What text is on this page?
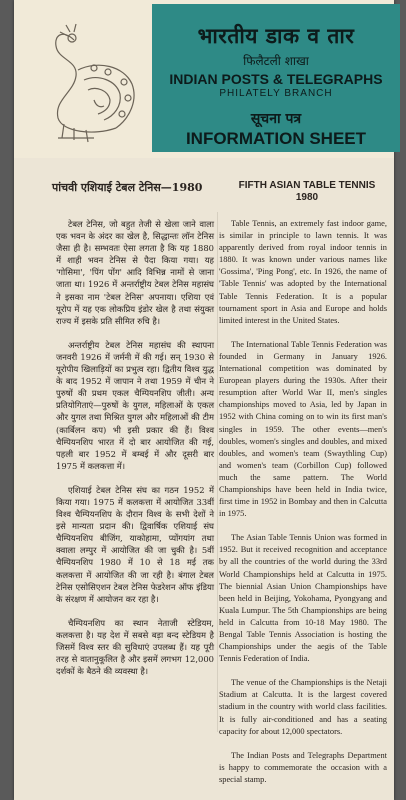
भारतीय डाक व तार
फिलैटली शाखा
INDIAN POSTS & TELEGRAPHS
PHILATELY BRANCH
सूचना पत्र
INFORMATION SHEET
पांचवी एशियाई टेबल टेनिस—1980	FIFTH ASIAN TABLE TENNIS
1980

टेबल टेनिस, जो बहुत तेजी से खेला जाने वाला एक भवन के अंदर का खेल है, सिद्धान्तः लॉन टेनिस जैसा ही है। सम्भवतः ऐसा लगता है कि यह 1880 में शाही भवन टेनिस से पैदा किया गया। यह 'गोसिमा', 'पिंग पोंग' आदि विभिन्न नामों से जाना जाता था। 1926 में अन्तर्राष्ट्रीय टेबल टेनिस महासंघ ने इसका नाम 'टेबल टेनिस' अपनाया। एशिया एवं यूरोप में यह एक लोकप्रिय इंडोर खेल है तथा संयुक्त राज्य में इसके प्रति सीमित रुचि है।

अन्तर्राष्ट्रीय टेबल टेनिस महासंघ की स्थापना जनवरी 1926 में जर्मनी में की गई। सन् 1930 से यूरोपीय खिलाड़ियों का प्रभुत्व रहा। द्वितीय विश्व युद्ध के बाद 1952 में जापान ने तथा 1959 में चीन ने पुरुषों की प्रथम एकल चैम्पियनशिप जीती। अन्य प्रतियोगिताएं—पुरुषों के युगल, महिलाओं के एकल और युगल तथा मिश्रित युगल और महिलाओं की टीम (कार्बिलन कप) भी इसी प्रकार की हैं। विश्व चैम्पियनशिप भारत में दो बार आयोजित की गई, पहली बार 1952 में बम्बई में और दूसरी बार 1975 में कलकत्ता में।

एशियाई टेबल टेनिस संघ का गठन 1952 में किया गया। 1975 में कलकत्ता में आयोजित 33वीं विश्व चैम्पियनशिप के दौरान विश्व के सभी देशों ने इसे मान्यता प्रदान की। द्विवार्षिक एशियाई संघ चैम्पियनशिप बीजिंग, याकोहामा, प्योंगयांग तथा क्वाला लम्पुर में आयोजित की जा चुकी है। 5वीं चैम्पियनशिप 1980 में 10 से 18 मई तक कलकत्ता में आयोजित की जा रही है। बंगाल टेबल टेनिस एसोसिएशन टेबल टेनिस फेडरेशन ऑफ इंडिया के संरक्षण में आयोजन कर रहा है।

चैम्पियनशिप का स्थान नेताजी स्टेडियम, कलकत्ता है। यह देश में सबसे बड़ा बन्द स्टेडियम है जिसमें विश्व स्तर की सुविधाएं उपलब्ध हैं। यह पूरी तरह से वातानुकूलित है और इसमें लगभग 12,000 दर्शकों के बैठने की व्यवस्था है।

Table Tennis, an extremely fast indoor game, is similar in principle to lawn tennis. It was apparently derived from royal indoor tennis in 1880. It was known under various names like 'Gossima', 'Ping Pong', etc. In 1926, the name of 'Table Tennis' was adopted by the International Table Tennis Federation. It is a popular tournament sport in Asia and Europe and holds limited interest in the United States.

The International Table Tennis Federation was founded in Germany in January 1926. International competition was dominated by European players during the 1930s. After their resumption after World War II, men's singles championships moved to Asia, led by Japan in 1952 with China coming on to win its first man's singles in 1959. The other events—men's doubles, women's singles and doubles, and mixed doubles, and women's team (Swaythling Cup) and women's team (Corbillon Cup) followed much the same pattern. The World Championships have been held in India twice, first time in 1952 in Bombay and then in Calcutta in 1975.

The Asian Table Tennis Union was formed in 1952. But it received recognition and acceptance by all the countries of the world during the 33rd World Championships held at Calcutta in 1975. The biennial Asian Union Championships have been held in Beijing, Yokohama, Pyongyang and Kuala Lumpur. The 5th Championships are being held in Calcutta from 10-18 May 1980. The Bengal Table Tennis Association is hosting the Championships under the aegis of the Table Tennis Federation of India.

The venue of the Championships is the Netaji Stadium at Calcutta. It is the largest covered stadium in the country with world class facilities. It is fully air-conditioned and has a seating capacity for about 12,000 spectators.

The Indian Posts and Telegraphs Department is happy to commemorate the occasion with a special stamp.
